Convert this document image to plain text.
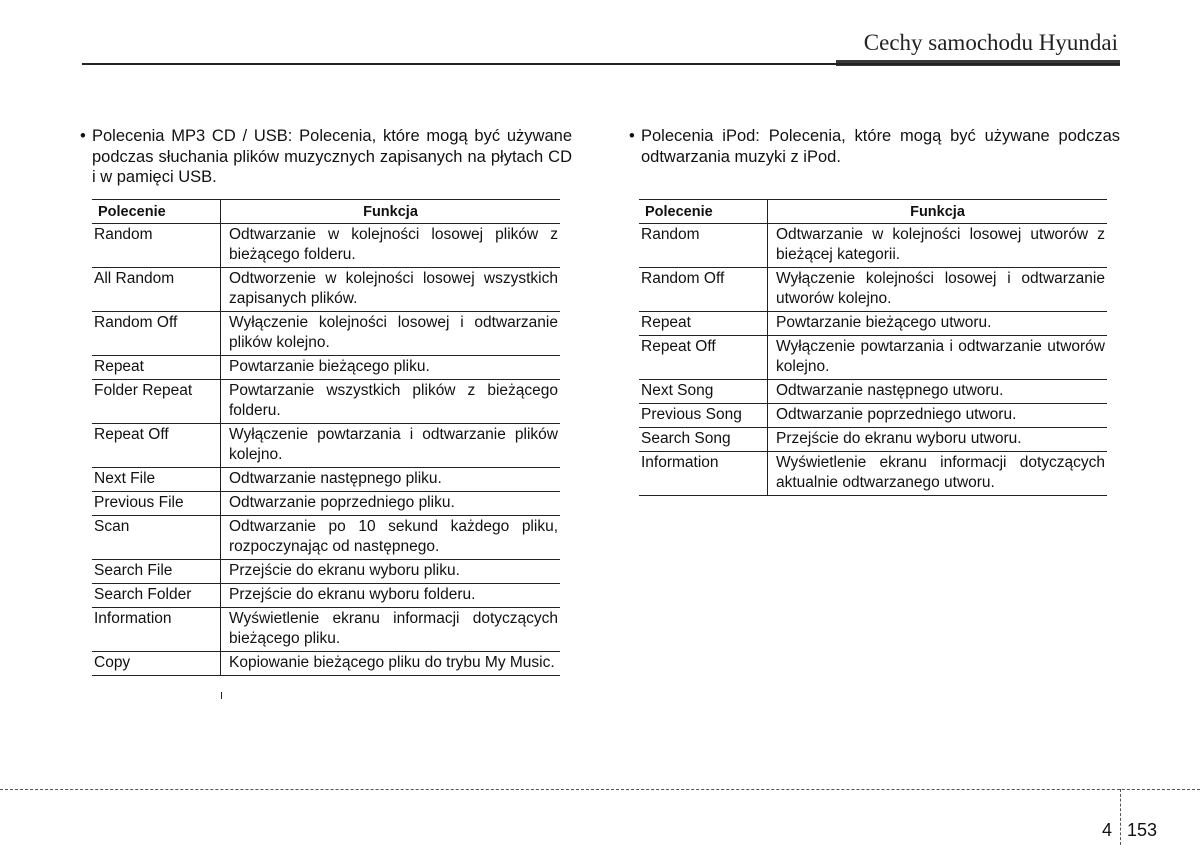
Cechy samochodu Hyundai
• Polecenia MP3 CD / USB: Polecenia, które mogą być używane podczas słuchania plików muzycznych zapisanych na płytach CD i w pamięci USB.

• Polecenia iPod: Polecenia, które mogą być używane podczas odtwarzania muzyki z iPod.

Polecenie	Funkcja
Random	Odtwarzanie w kolejności losowej plików z bieżącego folderu.
All Random	Odtworzenie w kolejności losowej wszystkich zapisanych plików.
Random Off	Wyłączenie kolejności losowej i odtwarzanie plików kolejno.
Repeat	Powtarzanie bieżącego pliku.
Folder Repeat	Powtarzanie wszystkich plików z bieżącego folderu.
Repeat Off	Wyłączenie powtarzania i odtwarzanie plików kolejno.
Next File	Odtwarzanie następnego pliku.
Previous File	Odtwarzanie poprzedniego pliku.
Scan	Odtwarzanie po 10 sekund każdego pliku, rozpoczynając od następnego.
Search File	Przejście do ekranu wyboru pliku.
Search Folder	Przejście do ekranu wyboru folderu.
Information	Wyświetlenie ekranu informacji dotyczących bieżącego pliku.
Copy	Kopiowanie bieżącego pliku do trybu My Music.
Polecenie	Funkcja
Random	Odtwarzanie w kolejności losowej utworów z bieżącej kategorii.
Random Off	Wyłączenie kolejności losowej i odtwarzanie utworów kolejno.
Repeat	Powtarzanie bieżącego utworu.
Repeat Off	Wyłączenie powtarzania i odtwarzanie utworów kolejno.
Next Song	Odtwarzanie następnego utworu.
Previous Song	Odtwarzanie poprzedniego utworu.
Search Song	Przejście do ekranu wyboru utworu.
Information	Wyświetlenie ekranu informacji dotyczących aktualnie odtwarzanego utworu.
4 153
